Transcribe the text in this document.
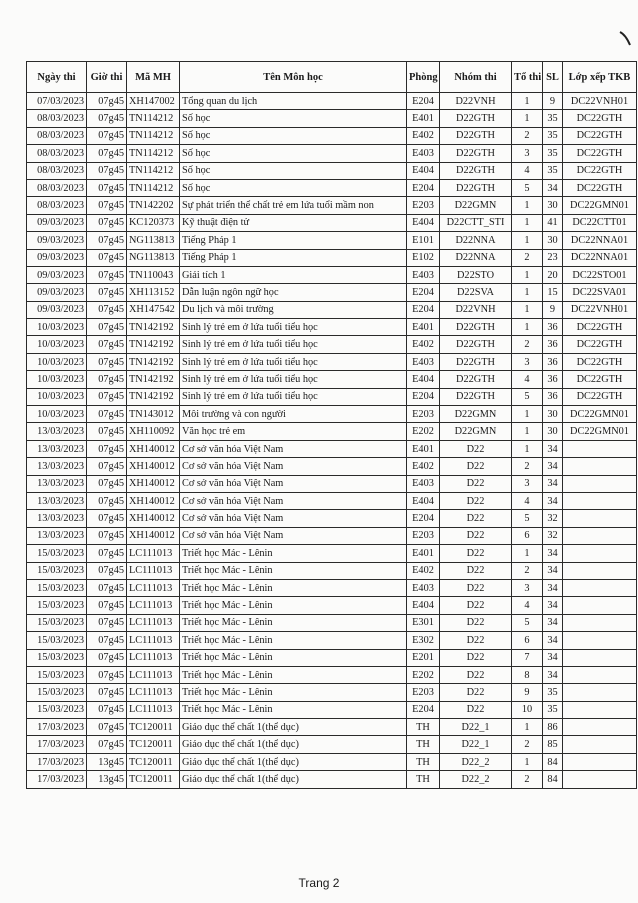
Ngày thi	Giờ thi	Mã MH	Tên Môn học	Phòng	Nhóm thi	Tổ thi	SL	Lớp xếp TKB
07/03/2023	07g45	XH147002	Tổng quan du lịch	E204	D22VNH	1	9	DC22VNH01
08/03/2023	07g45	TN114212	Số học	E401	D22GTH	1	35	DC22GTH
08/03/2023	07g45	TN114212	Số học	E402	D22GTH	2	35	DC22GTH
08/03/2023	07g45	TN114212	Số học	E403	D22GTH	3	35	DC22GTH
08/03/2023	07g45	TN114212	Số học	E404	D22GTH	4	35	DC22GTH
08/03/2023	07g45	TN114212	Số học	E204	D22GTH	5	34	DC22GTH
08/03/2023	07g45	TN142202	Sự phát triển thể chất trẻ em lứa tuổi mầm non	E203	D22GMN	1	30	DC22GMN01
09/03/2023	07g45	KC120373	Kỹ thuật điện tử	E404	D22CTT_STI	1	41	DC22CTT01
09/03/2023	07g45	NG113813	Tiếng Pháp 1	E101	D22NNA	1	30	DC22NNA01
09/03/2023	07g45	NG113813	Tiếng Pháp 1	E102	D22NNA	2	23	DC22NNA01
09/03/2023	07g45	TN110043	Giải tích 1	E403	D22STO	1	20	DC22STO01
09/03/2023	07g45	XH113152	Dẫn luận ngôn ngữ học	E204	D22SVA	1	15	DC22SVA01
09/03/2023	07g45	XH147542	Du lịch và môi trường	E204	D22VNH	1	9	DC22VNH01
10/03/2023	07g45	TN142192	Sinh lý trẻ em ở lứa tuổi tiểu học	E401	D22GTH	1	36	DC22GTH
10/03/2023	07g45	TN142192	Sinh lý trẻ em ở lứa tuổi tiểu học	E402	D22GTH	2	36	DC22GTH
10/03/2023	07g45	TN142192	Sinh lý trẻ em ở lứa tuổi tiểu học	E403	D22GTH	3	36	DC22GTH
10/03/2023	07g45	TN142192	Sinh lý trẻ em ở lứa tuổi tiểu học	E404	D22GTH	4	36	DC22GTH
10/03/2023	07g45	TN142192	Sinh lý trẻ em ở lứa tuổi tiểu học	E204	D22GTH	5	36	DC22GTH
10/03/2023	07g45	TN143012	Môi trường và con người	E203	D22GMN	1	30	DC22GMN01
13/03/2023	07g45	XH110092	Văn học trẻ em	E202	D22GMN	1	30	DC22GMN01
13/03/2023	07g45	XH140012	Cơ sở văn hóa Việt Nam	E401	D22	1	34	
13/03/2023	07g45	XH140012	Cơ sở văn hóa Việt Nam	E402	D22	2	34	
13/03/2023	07g45	XH140012	Cơ sở văn hóa Việt Nam	E403	D22	3	34	
13/03/2023	07g45	XH140012	Cơ sở văn hóa Việt Nam	E404	D22	4	34	
13/03/2023	07g45	XH140012	Cơ sở văn hóa Việt Nam	E204	D22	5	32	
13/03/2023	07g45	XH140012	Cơ sở văn hóa Việt Nam	E203	D22	6	32	
15/03/2023	07g45	LC111013	Triết học Mác - Lênin	E401	D22	1	34	
15/03/2023	07g45	LC111013	Triết học Mác - Lênin	E402	D22	2	34	
15/03/2023	07g45	LC111013	Triết học Mác - Lênin	E403	D22	3	34	
15/03/2023	07g45	LC111013	Triết học Mác - Lênin	E404	D22	4	34	
15/03/2023	07g45	LC111013	Triết học Mác - Lênin	E301	D22	5	34	
15/03/2023	07g45	LC111013	Triết học Mác - Lênin	E302	D22	6	34	
15/03/2023	07g45	LC111013	Triết học Mác - Lênin	E201	D22	7	34	
15/03/2023	07g45	LC111013	Triết học Mác - Lênin	E202	D22	8	34	
15/03/2023	07g45	LC111013	Triết học Mác - Lênin	E203	D22	9	35	
15/03/2023	07g45	LC111013	Triết học Mác - Lênin	E204	D22	10	35	
17/03/2023	07g45	TC120011	Giáo dục thể chất 1(thể dục)	TH	D22_1	1	86	
17/03/2023	07g45	TC120011	Giáo dục thể chất 1(thể dục)	TH	D22_1	2	85	
17/03/2023	13g45	TC120011	Giáo dục thể chất 1(thể dục)	TH	D22_2	1	84	
17/03/2023	13g45	TC120011	Giáo dục thể chất 1(thể dục)	TH	D22_2	2	84	
Trang 2
